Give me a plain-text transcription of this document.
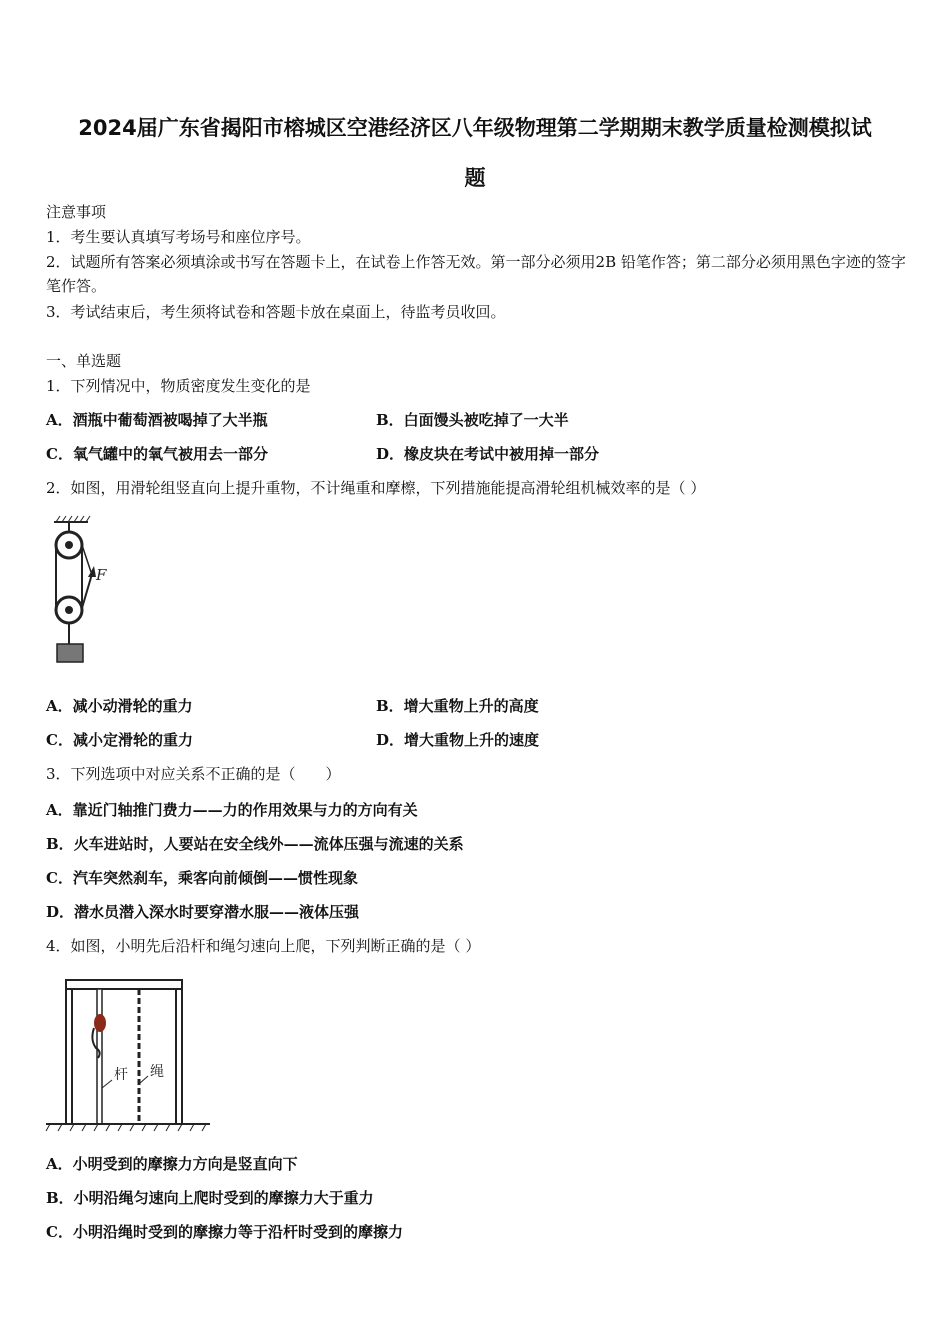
2024届广东省揭阳市榕城区空港经济区八年级物理第二学期期末教学质量检测模拟试
题
注意事项
1．考生要认真填写考场号和座位序号。
2．试题所有答案必须填涂或书写在答题卡上，在试卷上作答无效。第一部分必须用2B 铅笔作答；第二部分必须用黑色字迹的签字笔作答。
3．考试结束后，考生须将试卷和答题卡放在桌面上，待监考员收回。
一、单选题
1．下列情况中，物质密度发生变化的是
A．酒瓶中葡萄酒被喝掉了大半瓶	B．白面馒头被吃掉了一大半
C．氧气罐中的氧气被用去一部分	D．橡皮块在考试中被用掉一部分
2．如图，用滑轮组竖直向上提升重物，不计绳重和摩檫，下列措施能提高滑轮组机械效率的是（ ）
F
A．减小动滑轮的重力	B．增大重物上升的高度
C．减小定滑轮的重力	D．增大重物上升的速度
3．下列选项中对应关系不正确的是（　　）
A．靠近门轴推门费力——力的作用效果与力的方向有关
B．火车进站时，人要站在安全线外——流体压强与流速的关系
C．汽车突然刹车，乘客向前倾倒——惯性现象
D．潜水员潜入深水时要穿潜水服——液体压强
4．如图，小明先后沿杆和绳匀速向上爬，下列判断正确的是（ ）
杆 绳
A．小明受到的摩擦力方向是竖直向下
B．小明沿绳匀速向上爬时受到的摩擦力大于重力
C．小明沿绳时受到的摩擦力等于沿杆时受到的摩擦力
